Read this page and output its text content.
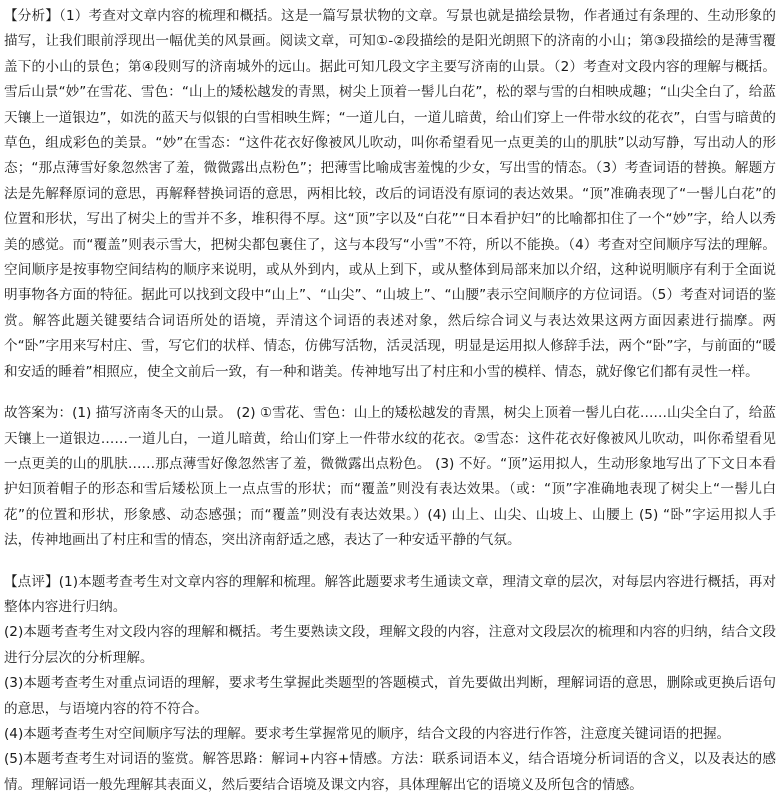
【分析】（1）考查对文章内容的梳理和概括。这是一篇写景状物的文章。写景也就是描绘景物，作者通过有条理的、生动形象的描写，让我们眼前浮现出一幅优美的风景画。阅读文章，可知①-②段描绘的是阳光朗照下的济南的小山；第③段描绘的是薄雪覆盖下的小山的景色；第④段则写的济南城外的远山。据此可知几段文字主要写济南的山景。（2）考查对文段内容的理解与概括。雪后山景“妙”在雪花、雪色：“山上的矮松越发的青黑，树尖上顶着一髻儿白花”，松的翠与雪的白相映成趣；“山尖全白了，给蓝天镶上一道银边”，如洗的蓝天与似银的白雪相映生辉；“一道儿白，一道儿暗黄，给山们穿上一件带水纹的花衣”，白雪与暗黄的草色，组成彩色的美景。“妙”在雪态：“这件花衣好像被风儿吹动，叫你希望看见一点更美的山的肌肤”以动写静，写出动人的形态；“那点薄雪好象忽然害了羞，微微露出点粉色”；把薄雪比喻成害羞愧的少女，写出雪的情态。（3）考查词语的替换。解题方法是先解释原词的意思，再解释替换词语的意思，两相比较，改后的词语没有原词的表达效果。“顶”准确表现了“一髻儿白花”的位置和形状，写出了树尖上的雪并不多，堆积得不厚。这“顶”字以及“白花”“日本看护妇”的比喻都扣住了一个“妙”字，给人以秀美的感觉。而“覆盖”则表示雪大，把树尖都包裹住了，这与本段写“小雪”不符，所以不能换。（4）考查对空间顺序写法的理解。空间顺序是按事物空间结构的顺序来说明，或从外到内，或从上到下，或从整体到局部来加以介绍，这种说明顺序有利于全面说明事物各方面的特征。据此可以找到文段中“山上”、“山尖”、“山坡上”、“山腰”表示空间顺序的方位词语。（5）考查对词语的鉴赏。解答此题关键要结合词语所处的语境，弄清这个词语的表述对象，然后综合词义与表达效果这两方面因素进行揣摩。两个“卧”字用来写村庄、雪，写它们的状样、情态，仿佛写活物，活灵活现，明显是运用拟人修辞手法，两个“卧”字，与前面的“暖和安适的睡着”相照应，使全文前后一致，有一种和谐美。传神地写出了村庄和小雪的模样、情态，就好像它们都有灵性一样。

故答案为：(1) 描写济南冬天的山景。 (2) ①雪花、雪色：山上的矮松越发的青黑，树尖上顶着一髻儿白花……山尖全白了，给蓝天镶上一道银边……一道儿白，一道儿暗黄，给山们穿上一件带水纹的花衣。②雪态：这件花衣好像被风儿吹动，叫你希望看见一点更美的山的肌肤……那点薄雪好像忽然害了羞，微微露出点粉色。 (3) 不好。“顶”运用拟人，生动形象地写出了下文日本看护妇顶着帽子的形态和雪后矮松顶上一点点雪的形状；而“覆盖”则没有表达效果。（或：“顶”字准确地表现了树尖上“一髻儿白花”的位置和形状，形象感、动态感强；而“覆盖”则没有表达效果。）(4) 山上、山尖、山坡上、山腰上 (5) “卧”字运用拟人手法，传神地画出了村庄和雪的情态，突出济南舒适之感，表达了一种安适平静的气氛。

【点评】(1)本题考查考生对文章内容的理解和梳理。解答此题要求考生通读文章，理清文章的层次，对每层内容进行概括，再对整体内容进行归纳。

(2)本题考查考生对文段内容的理解和概括。考生要熟读文段，理解文段的内容，注意对文段层次的梳理和内容的归纳，结合文段进行分层次的分析理解。

(3)本题考查考生对重点词语的理解，要求考生掌握此类题型的答题模式，首先要做出判断，理解词语的意思，删除或更换后语句的意思，与语境内容的符不符合。

(4)本题考查考生对空间顺序写法的理解。要求考生掌握常见的顺序，结合文段的内容进行作答，注意度关键词语的把握。

(5)本题考查考生对词语的鉴赏。解答思路：解词+内容+情感。方法：联系词语本义，结合语境分析词语的含义，以及表达的感情。理解词语一般先理解其表面义，然后要结合语境及课文内容，具体理解出它的语境义及所包含的情感。
